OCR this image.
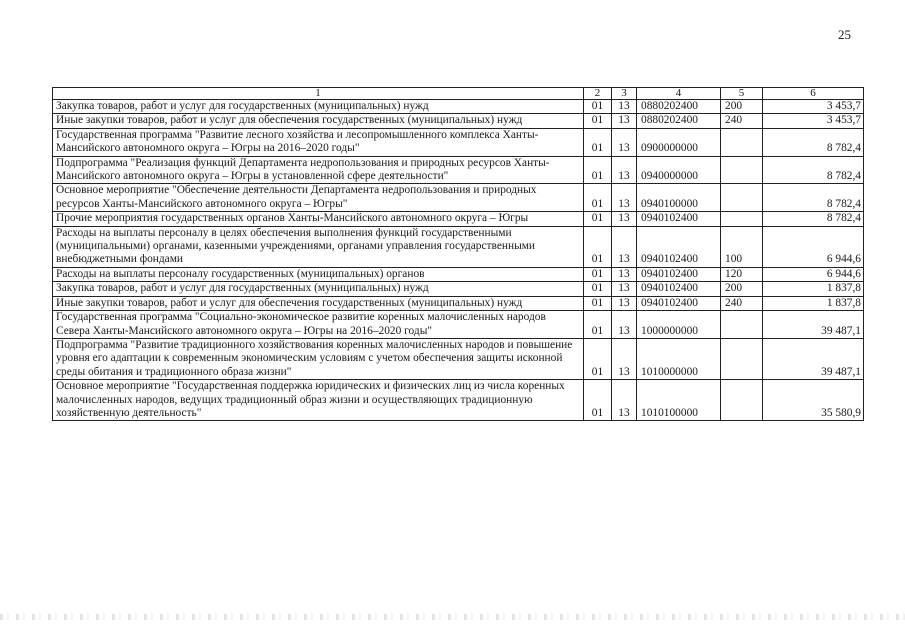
25
1	2	3	4	5	6
Закупка товаров, работ и услуг для государственных (муниципальных) нужд	01	13	0880202400	200	3 453,7
Иные закупки товаров, работ и услуг для обеспечения государственных (муниципальных) нужд	01	13	0880202400	240	3 453,7
Государственная программа "Развитие лесного хозяйства и лесопромышленного комплекса Ханты-Мансийского автономного округа – Югры на 2016–2020 годы"	01	13	0900000000		8 782,4
Подпрограмма "Реализация функций Департамента недропользования и природных ресурсов Ханты-Мансийского автономного округа – Югры в установленной сфере деятельности"	01	13	0940000000		8 782,4
Основное мероприятие "Обеспечение деятельности Департамента недропользования и природных ресурсов Ханты-Мансийского автономного округа – Югры"	01	13	0940100000		8 782,4
Прочие мероприятия государственных органов Ханты-Мансийского автономного округа – Югры	01	13	0940102400		8 782,4
Расходы на выплаты персоналу в целях обеспечения выполнения функций государственными (муниципальными) органами, казенными учреждениями, органами управления государственными внебюджетными фондами	01	13	0940102400	100	6 944,6
Расходы на выплаты персоналу государственных (муниципальных) органов	01	13	0940102400	120	6 944,6
Закупка товаров, работ и услуг для государственных (муниципальных) нужд	01	13	0940102400	200	1 837,8
Иные закупки товаров, работ и услуг для обеспечения государственных (муниципальных) нужд	01	13	0940102400	240	1 837,8
Государственная программа "Социально-экономическое развитие коренных малочисленных народов Севера Ханты-Мансийского автономного округа – Югры на 2016–2020 годы"	01	13	1000000000		39 487,1
Подпрограмма "Развитие традиционного хозяйствования коренных малочисленных народов и повышение уровня его адаптации к современным экономическим условиям с учетом обеспечения защиты исконной среды обитания и традиционного образа жизни"	01	13	1010000000		39 487,1
Основное мероприятие "Государственная поддержка юридических и физических лиц из числа коренных малочисленных народов, ведущих традиционный образ жизни и осуществляющих традиционную хозяйственную деятельность"	01	13	1010100000		35 580,9
